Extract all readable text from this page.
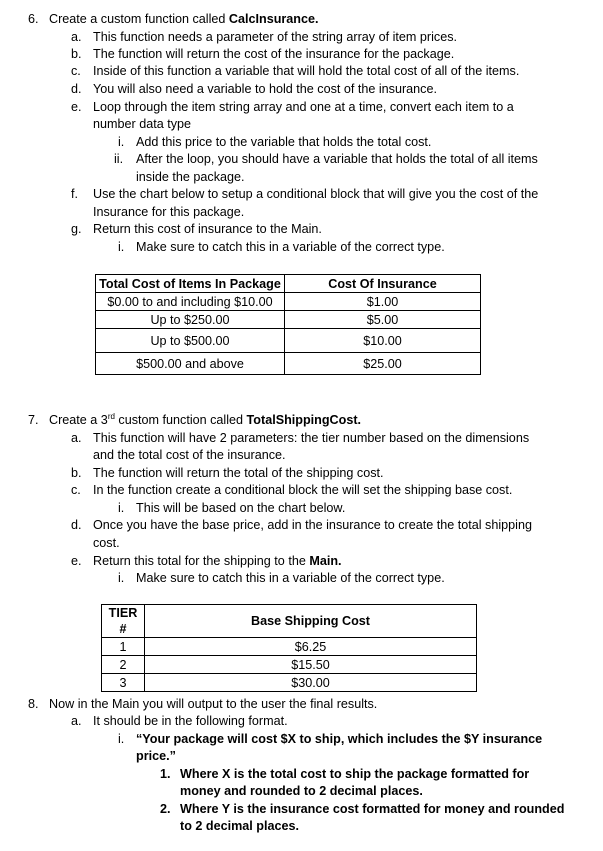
6. Create a custom function called CalcInsurance.
a. This function needs a parameter of the string array of item prices.
b. The function will return the cost of the insurance for the package.
c. Inside of this function a variable that will hold the total cost of all of the items.
d. You will also need a variable to hold the cost of the insurance.
e. Loop through the item string array and one at a time, convert each item to a
number data type
i. Add this price to the variable that holds the total cost.
ii. After the loop, you should have a variable that holds the total of all items
inside the package.
f. Use the chart below to setup a conditional block that will give you the cost of the
Insurance for this package.
g. Return this cost of insurance to the Main.
i. Make sure to catch this in a variable of the correct type.
Total Cost of Items In Package	Cost Of Insurance
$0.00 to and including $10.00	$1.00
Up to $250.00	$5.00
Up to $500.00	$10.00
$500.00 and above	$25.00
7. Create a 3rd custom function called TotalShippingCost.
a. This function will have 2 parameters: the tier number based on the dimensions
and the total cost of the insurance.
b. The function will return the total of the shipping cost.
c. In the function create a conditional block the will set the shipping base cost.
i. This will be based on the chart below.
d. Once you have the base price, add in the insurance to create the total shipping
cost.
e. Return this total for the shipping to the Main.
i. Make sure to catch this in a variable of the correct type.
TIER #	Base Shipping Cost
1	$6.25
2	$15.50
3	$30.00
8. Now in the Main you will output to the user the final results.
a. It should be in the following format.
i. “Your package will cost $X to ship, which includes the $Y insurance
price.”
1. Where X is the total cost to ship the package formatted for
money and rounded to 2 decimal places.
2. Where Y is the insurance cost formatted for money and rounded
to 2 decimal places.
